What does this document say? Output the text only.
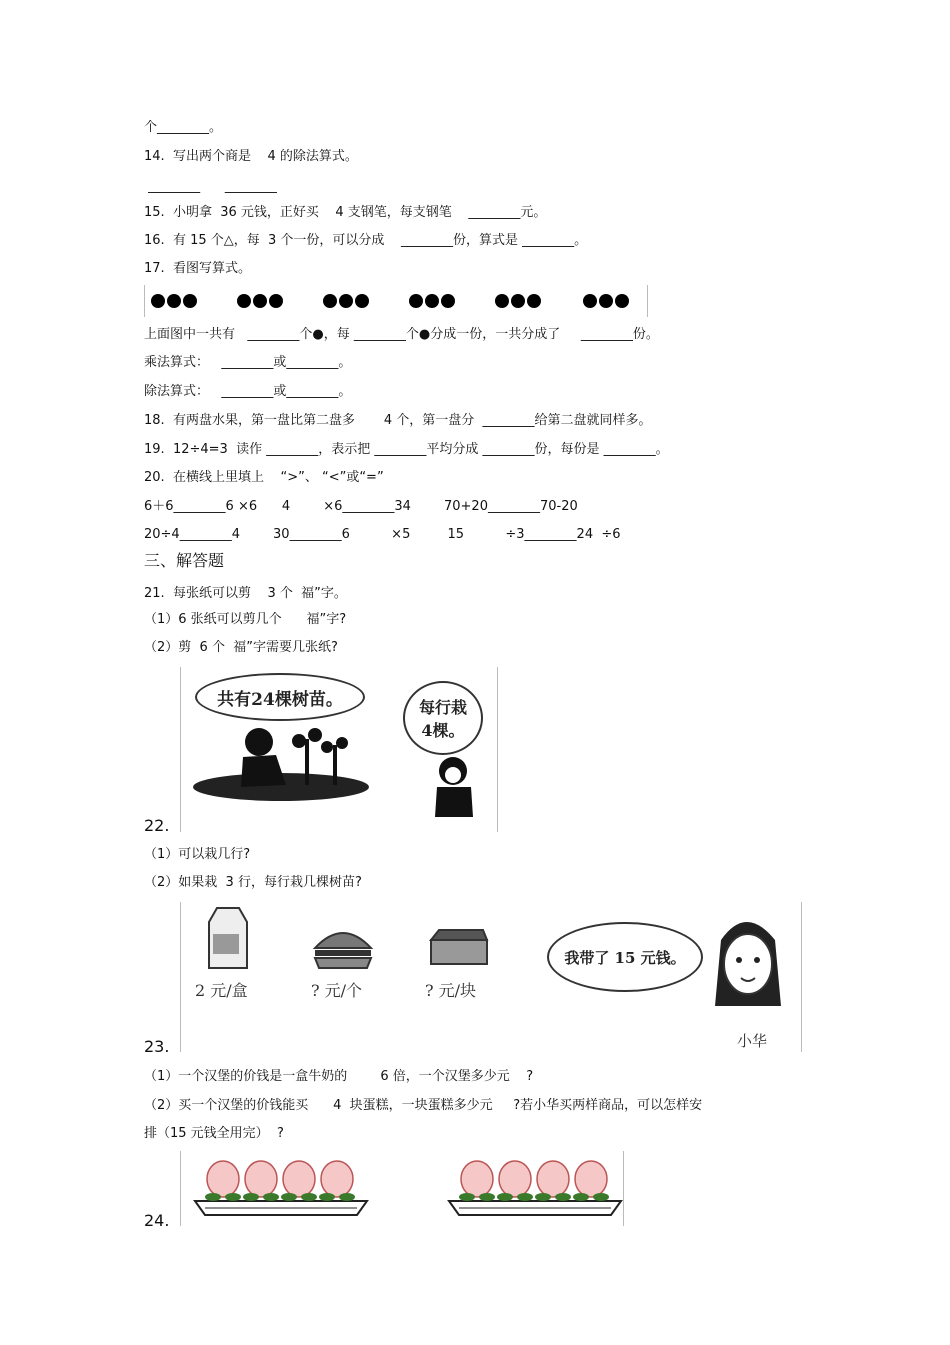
个________。
14.  写出两个商是    4 的除法算式。
________      ________
15.  小明拿  36 元钱，正好买    4 支钢笔，每支钢笔    ________元。
16.  有 15 个△，每  3 个一份，可以分成    ________份，算式是 ________。
17.  看图写算式。
上面图中一共有   ________个●，每 ________个●分成一份，一共分成了     ________份。
乘法算式：   ________或________。
除法算式：   ________或________。
18.  有两盘水果，第一盘比第二盘多       4 个，第一盘分  ________给第二盘就同样多。
19.  12÷4=3  读作 ________，表示把 ________平均分成 ________份，每份是 ________。
20.  在横线上里填上    “>”、 “<”或“=”
6＋6________6 ×6      4        ×6________34        70+20________70-20
20÷4________4        30________6          ×5         15          ÷3________24  ÷6
三、解答题
21.  每张纸可以剪    3 个  福”字。
（1）6 张纸可以剪几个      福”字?
（2）剪  6 个  福”字需要几张纸?
共有24棵树苗。	每行栽
4棵。
22.
（1）可以栽几行?
（2）如果栽  3 行，每行栽几棵树苗?
2 元/盒	? 元/个	? 元/块
我带了 15 元钱。
小华
23.
（1）一个汉堡的价钱是一盒牛奶的        6 倍，一个汉堡多少元    ?
（2）买一个汉堡的价钱能买      4  块蛋糕，一块蛋糕多少元     ?若小华买两样商品，可以怎样安
排（15 元钱全用完）  ?
24.
